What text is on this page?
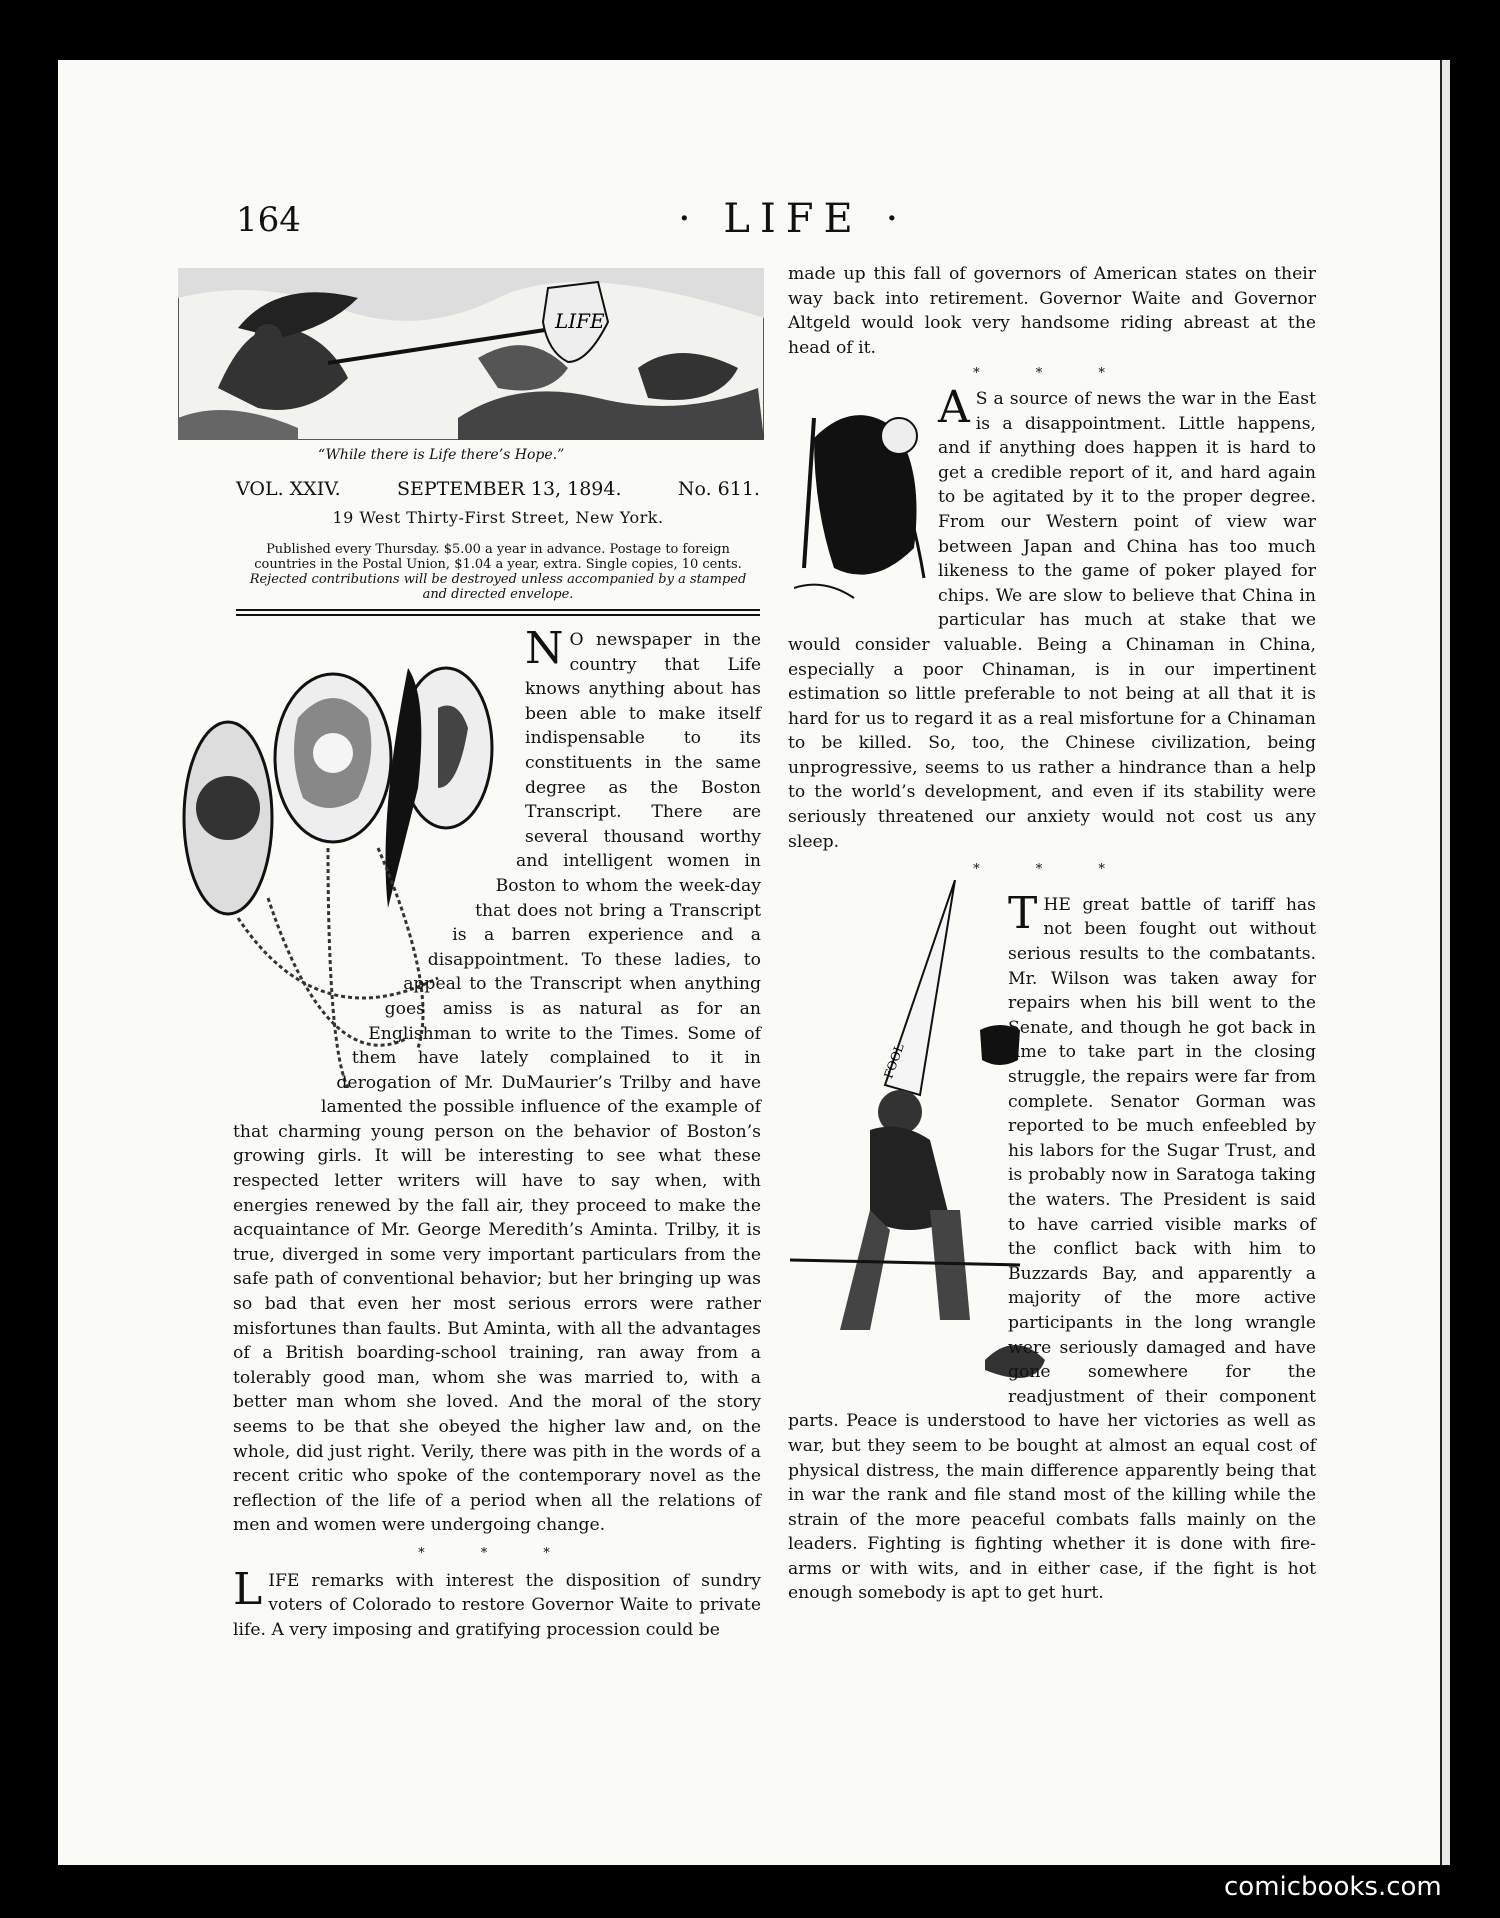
164	· LIFE ·
LIFE
“While there is Life there’s Hope.”
VOL. XXIV.	SEPTEMBER 13, 1894.	No. 611.
19 West Thirty-First Street, New York.
Published every Thursday. $5.00 a year in advance. Postage to foreign countries in the Postal Union, $1.04 a year, extra. Single copies, 10 cents.
Rejected contributions will be destroyed unless accompanied by a stamped and directed envelope.

N O newspaper in the country that Life knows anything about has been able to make itself indispensable to its constituents in the same degree as the Boston Transcript. There are several thousand worthy and intelligent women in Boston to whom the week-day that does not bring a Transcript is a barren experience and a disappointment. To these ladies, to appeal to the Transcript when anything goes amiss is as natural as for an Englishman to write to the Times. Some of them have lately complained to it in derogation of Mr. DuMaurier’s Trilby and have lamented the possible influence of the example of that charming young person on the behavior of Boston’s growing girls. It will be interesting to see what these respected letter writers will have to say when, with energies renewed by the fall air, they proceed to make the acquaintance of Mr. George Meredith’s Aminta. Trilby, it is true, diverged in some very important particulars from the safe path of conventional behavior; but her bringing up was so bad that even her most serious errors were rather misfortunes than faults. But Aminta, with all the advantages of a British boarding-school training, ran away from a tolerably good man, whom she was married to, with a better man whom she loved. And the moral of the story seems to be that she obeyed the higher law and, on the whole, did just right. Verily, there was pith in the words of a recent critic who spoke of the contemporary novel as the reflection of the life of a period when all the relations of men and women were undergoing change.

* * *

L IFE remarks with interest the disposition of sundry voters of Colorado to restore Governor Waite to private life. A very imposing and gratifying procession could be

FOOL

made up this fall of governors of American states on their way back into retirement. Governor Waite and Governor Altgeld would look very handsome riding abreast at the head of it.

* * *

A S a source of news the war in the East is a disappointment. Little happens, and if anything does happen it is hard to get a credible report of it, and hard again to be agitated by it to the proper degree. From our Western point of view war between Japan and China has too much likeness to the game of poker played for chips. We are slow to believe that China in particular has much at stake that we would consider valuable. Being a Chinaman in China, especially a poor Chinaman, is in our impertinent estimation so little preferable to not being at all that it is hard for us to regard it as a real misfortune for a Chinaman to be killed. So, too, the Chinese civilization, being unprogressive, seems to us rather a hindrance than a help to the world’s development, and even if its stability were seriously threatened our anxiety would not cost us any sleep.

* * *

T HE great battle of tariff has not been fought out without serious results to the combatants. Mr. Wilson was taken away for repairs when his bill went to the Senate, and though he got back in time to take part in the closing struggle, the repairs were far from complete. Senator Gorman was reported to be much enfeebled by his labors for the Sugar Trust, and is probably now in Saratoga taking the waters. The President is said to have carried visible marks of the conflict back with him to Buzzards Bay, and apparently a majority of the more active participants in the long wrangle were seriously damaged and have gone somewhere for the readjustment of their component parts. Peace is understood to have her victories as well as war, but they seem to be bought at almost an equal cost of physical distress, the main difference apparently being that in war the rank and file stand most of the killing while the strain of the more peaceful combats falls mainly on the leaders. Fighting is fighting whether it is done with fire-arms or with wits, and in either case, if the fight is hot enough somebody is apt to get hurt.

comicbooks.com
